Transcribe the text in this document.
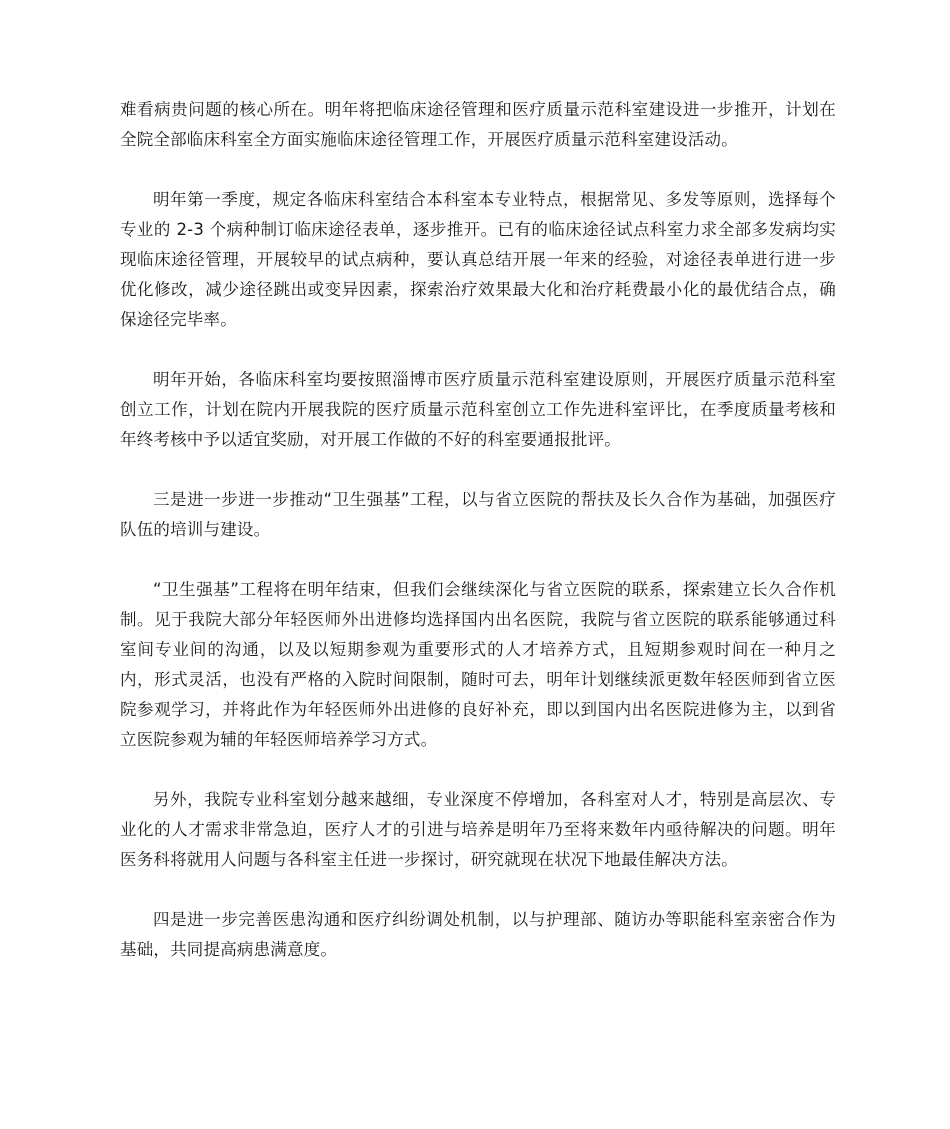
难看病贵问题的核心所在。明年将把临床途径管理和医疗质量示范科室建设进一步推开，计划在全院全部临床科室全方面实施临床途径管理工作，开展医疗质量示范科室建设活动。

明年第一季度，规定各临床科室结合本科室本专业特点，根据常见、多发等原则，选择每个专业的 2-3 个病种制订临床途径表单，逐步推开。已有的临床途径试点科室力求全部多发病均实现临床途径管理，开展较早的试点病种，要认真总结开展一年来的经验，对途径表单进行进一步优化修改，减少途径跳出或变异因素，探索治疗效果最大化和治疗耗费最小化的最优结合点，确保途径完毕率。

明年开始，各临床科室均要按照淄博市医疗质量示范科室建设原则，开展医疗质量示范科室创立工作，计划在院内开展我院的医疗质量示范科室创立工作先进科室评比，在季度质量考核和年终考核中予以适宜奖励，对开展工作做的不好的科室要通报批评。

三是进一步进一步推动“卫生强基”工程，以与省立医院的帮扶及长久合作为基础，加强医疗队伍的培训与建设。

“卫生强基”工程将在明年结束，但我们会继续深化与省立医院的联系，探索建立长久合作机制。见于我院大部分年轻医师外出进修均选择国内出名医院，我院与省立医院的联系能够通过科室间专业间的沟通，以及以短期参观为重要形式的人才培养方式，且短期参观时间在一种月之内，形式灵活，也没有严格的入院时间限制，随时可去，明年计划继续派更数年轻医师到省立医院参观学习，并将此作为年轻医师外出进修的良好补充，即以到国内出名医院进修为主，以到省立医院参观为辅的年轻医师培养学习方式。

另外，我院专业科室划分越来越细，专业深度不停增加，各科室对人才，特别是高层次、专业化的人才需求非常急迫，医疗人才的引进与培养是明年乃至将来数年内亟待解决的问题。明年医务科将就用人问题与各科室主任进一步探讨，研究就现在状况下地最佳解决方法。

四是进一步完善医患沟通和医疗纠纷调处机制，以与护理部、随访办等职能科室亲密合作为基础，共同提高病患满意度。
